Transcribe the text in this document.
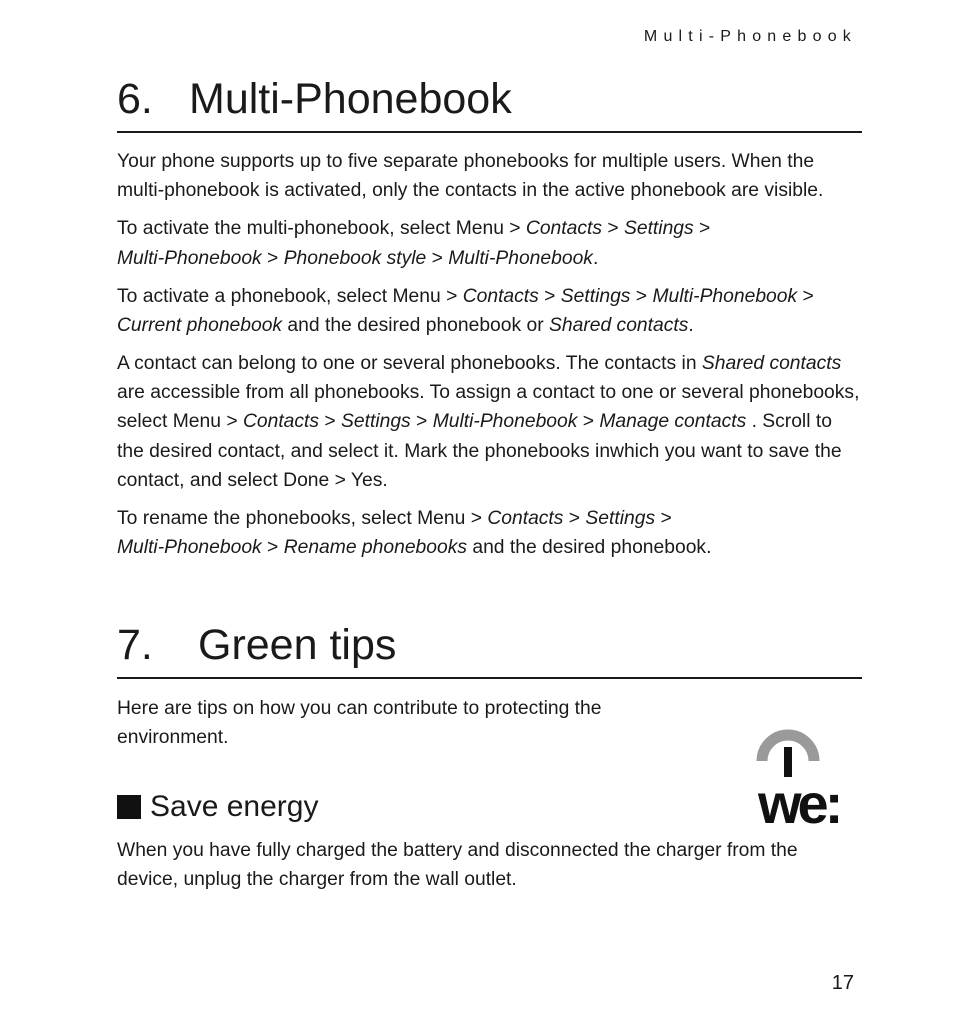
Multi-Phonebook
6. Multi-Phonebook

Your phone supports up to five separate phonebooks for multiple users. When the multi-phonebook is activated, only the contacts in the active phonebook are visible.

To activate the multi-phonebook, select Menu > Contacts > Settings >
Multi-Phonebook > Phonebook style > Multi-Phonebook.

To activate a phonebook, select Menu > Contacts > Settings > Multi-Phonebook >
Current phonebook and the desired phonebook or Shared contacts.

A contact can belong to one or several phonebooks. The contacts in Shared contacts are accessible from all phonebooks. To assign a contact to one or several phonebooks, select Menu > Contacts > Settings > Multi-Phonebook > Manage contacts . Scroll to the desired contact, and select it. Mark the phonebooks inwhich you want to save the contact, and select Done > Yes.

To rename the phonebooks, select Menu > Contacts > Settings >
Multi-Phonebook > Rename phonebooks and the desired phonebook.

7. Green tips

Here are tips on how you can contribute to protecting the environment.

Save energy

When you have fully charged the battery and disconnected the charger from the device, unplug the charger from the wall outlet.

we:
17
